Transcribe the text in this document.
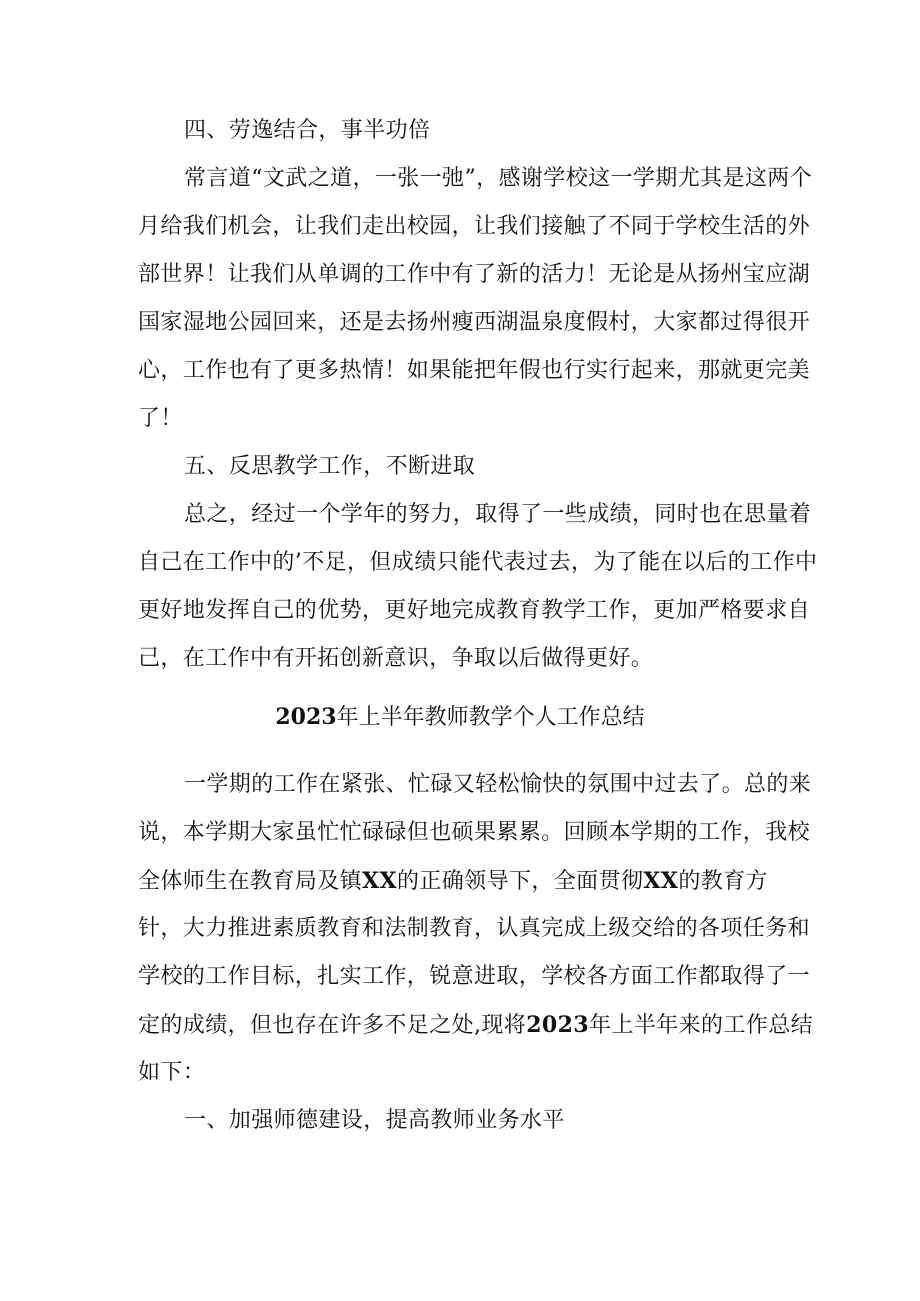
四、劳逸结合，事半功倍
常言道“文武之道，一张一弛”，感谢学校这一学期尤其是这两个
月给我们机会，让我们走出校园，让我们接触了不同于学校生活的外
部世界！让我们从单调的工作中有了新的活力！无论是从扬州宝应湖
国家湿地公园回来，还是去扬州瘦西湖温泉度假村，大家都过得很开
心，工作也有了更多热情！如果能把年假也行实行起来，那就更完美
了！
五、反思教学工作，不断进取
总之，经过一个学年的努力，取得了一些成绩，同时也在思量着
自己在工作中的’不足，但成绩只能代表过去，为了能在以后的工作中
更好地发挥自己的优势，更好地完成教育教学工作，更加严格要求自
己，在工作中有开拓创新意识，争取以后做得更好。
2023年上半年教师教学个人工作总结
一学期的工作在紧张、忙碌又轻松愉快的氛围中过去了。总的来
说，本学期大家虽忙忙碌碌但也硕果累累。回顾本学期的工作，我校
全体师生在教育局及镇XX的正确领导下，全面贯彻XX的教育方
针，大力推进素质教育和法制教育，认真完成上级交给的各项任务和
学校的工作目标，扎实工作，锐意进取，学校各方面工作都取得了一
定的成绩，但也存在许多不足之处,现将2023年上半年来的工作总结
如下：
一、加强师德建设，提高教师业务水平
